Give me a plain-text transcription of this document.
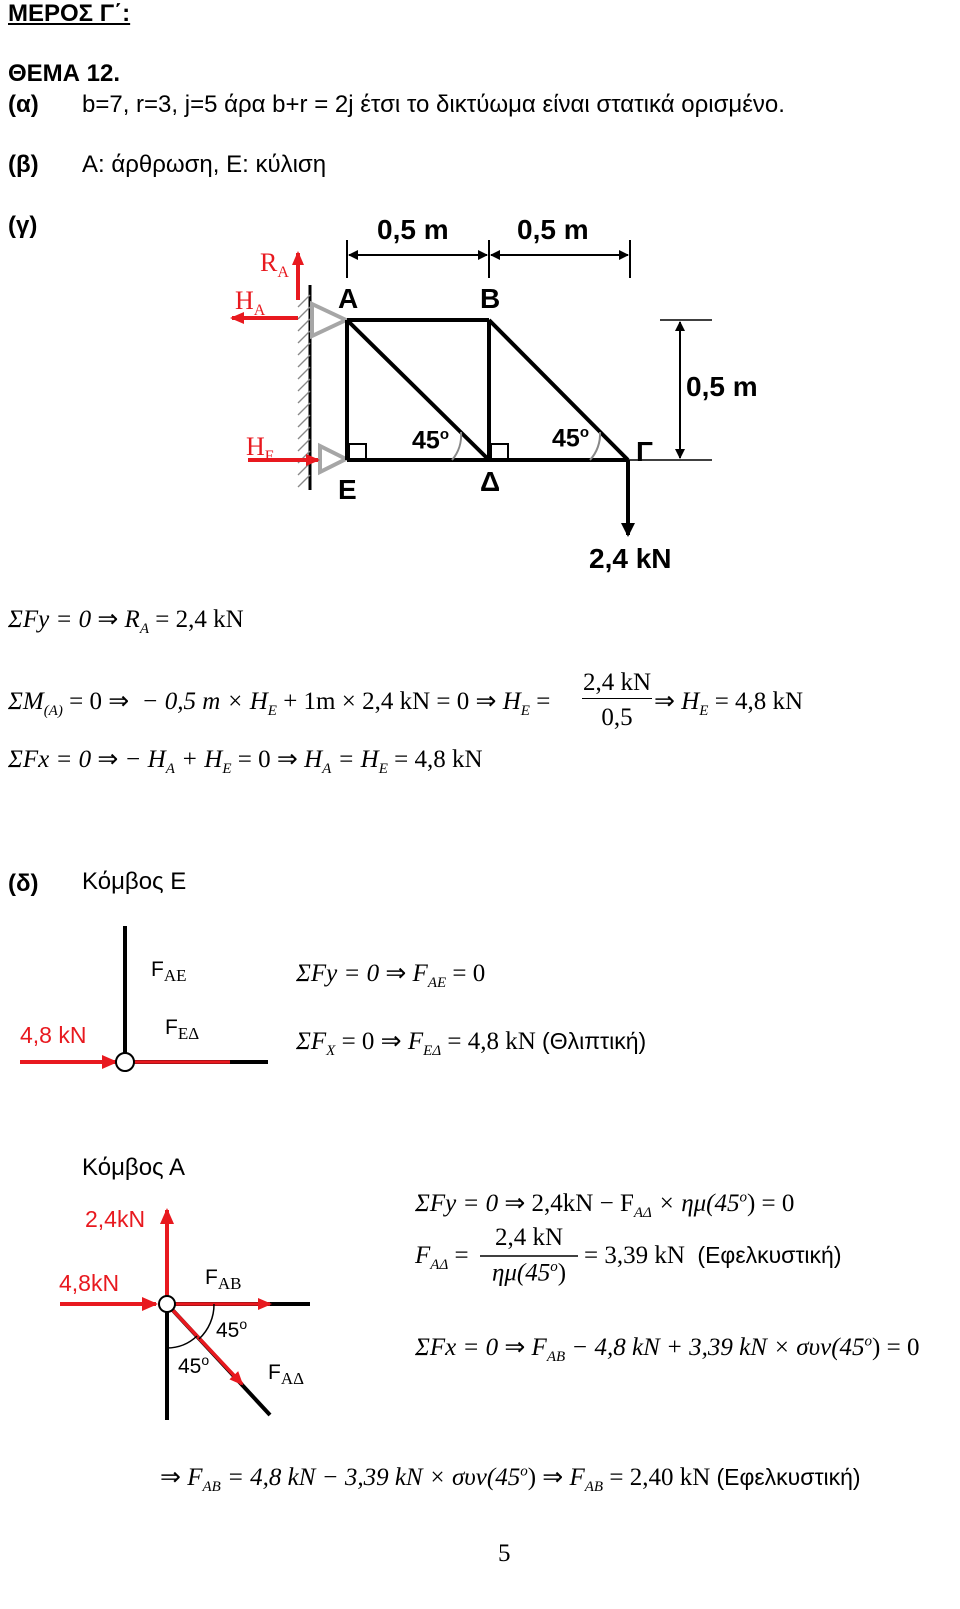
ΜΕΡΟΣ Γ΄:
ΘΕΜΑ 12.
(α) b=7, r=3, j=5 άρα b+r = 2j έτσι το δικτύωμα είναι στατικά ορισμένο.
(β) Α: άρθρωση, Ε: κύλιση
(γ)	0,5 m 0,5 m
0,5 m
A	B
E	Δ
Γ
45$^o$	45$^o$
2,4 kN
$R_A$
$H_A$
$H_E$
ΣFy = 0 ⇒ $R_A = 2,4$ kN
$\Sigma M_{(A)} = 0$ ⇒  − 0,5 $m \times H_E + 1m \times 2,4$ kN = 0 ⇒ $H_E$ =
2,4 kN
0,5
⇒ $H_E = 4,8$ kN
ΣFx = 0 ⇒ − $H_A + H_E = 0$ ⇒ $H_A = H_E = 4,8$ kN
(δ) Κόμβος Ε
$F_{AE}$
$F_{E\Delta}$
4,8 kN
ΣFy = 0 ⇒ $F_{AE} = 0$
$\Sigma F_X = 0$ ⇒ $F_{E\Delta} = 4,8$ kN (Θλιπτική)
Κόμβος Α
2,4kN
4,8kN	$F_{AB}$
$F_{A\Delta}$
45$^o$
45$^o$
ΣFy = 0 ⇒ $2,4kN - F_{A\Delta} \times \eta\mu(45^o) = 0$
$F_{A\Delta}$ =
2,4 kN
$\eta\mu(45^o)$
= 3,39 kN (Εφελκυστική)
ΣFx = 0 ⇒ $F_{AB} - 4,8$ kN + 3,39 kN × $\sigma\upsilon\nu(45^o) = 0$
⇒ $F_{AB} = 4,8$ kN − 3,39 kN × $\sigma\upsilon\nu(45^o)$ ⇒ $F_{AB} = 2,40$ kN (Εφελκυστική)
5
